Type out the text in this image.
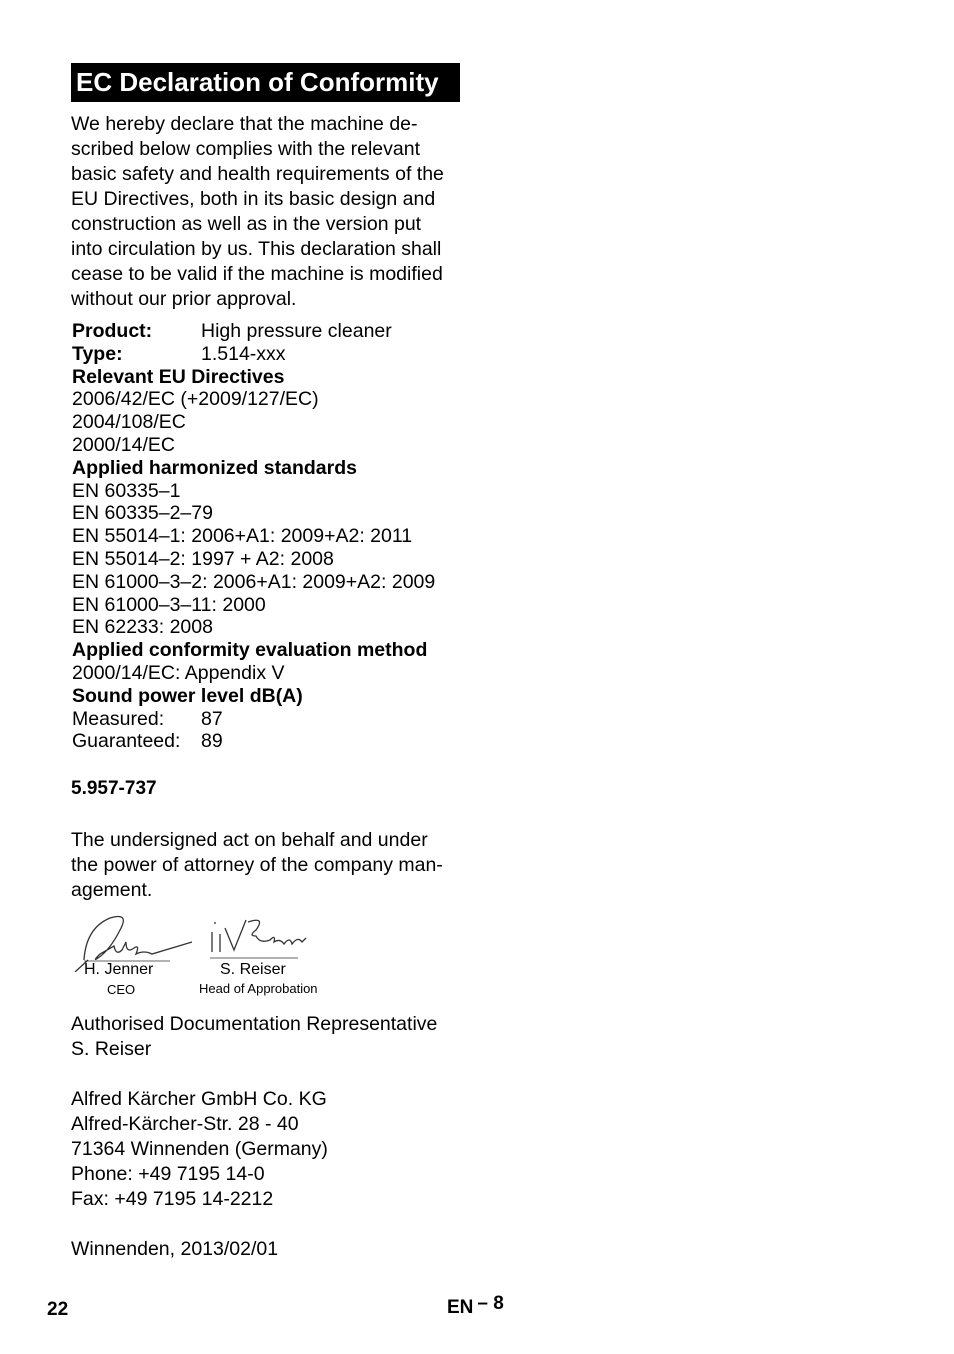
EC Declaration of Conformity
We hereby declare that the machine de-
scribed below complies with the relevant
basic safety and health requirements of the
EU Directives, both in its basic design and
construction as well as in the version put
into circulation by us. This declaration shall
cease to be valid if the machine is modified
without our prior approval.
Product:	High pressure cleaner
Type:	1.514-xxx
Relevant EU Directives
2006/42/EC (+2009/127/EC)
2004/108/EC
2000/14/EC
Applied harmonized standards
EN 60335–1
EN 60335–2–79
EN 55014–1: 2006+A1: 2009+A2: 2011
EN 55014–2: 1997 + A2: 2008
EN 61000–3–2: 2006+A1: 2009+A2: 2009
EN 61000–3–11: 2000
EN 62233: 2008
Applied conformity evaluation method
2000/14/EC: Appendix V
Sound power level dB(A)
Measured: 87
Guaranteed: 89
5.957-737
The undersigned act on behalf and under
the power of attorney of the company man-
agement.
H. Jenner
CEO
S. Reiser
Head of Approbation
Authorised Documentation Representative
S. Reiser
Alfred Kärcher GmbH Co. KG
Alfred-Kärcher-Str. 28 - 40
71364 Winnenden (Germany)
Phone: +49 7195 14-0
Fax: +49 7195 14-2212
Winnenden, 2013/02/01
22	EN – 8
